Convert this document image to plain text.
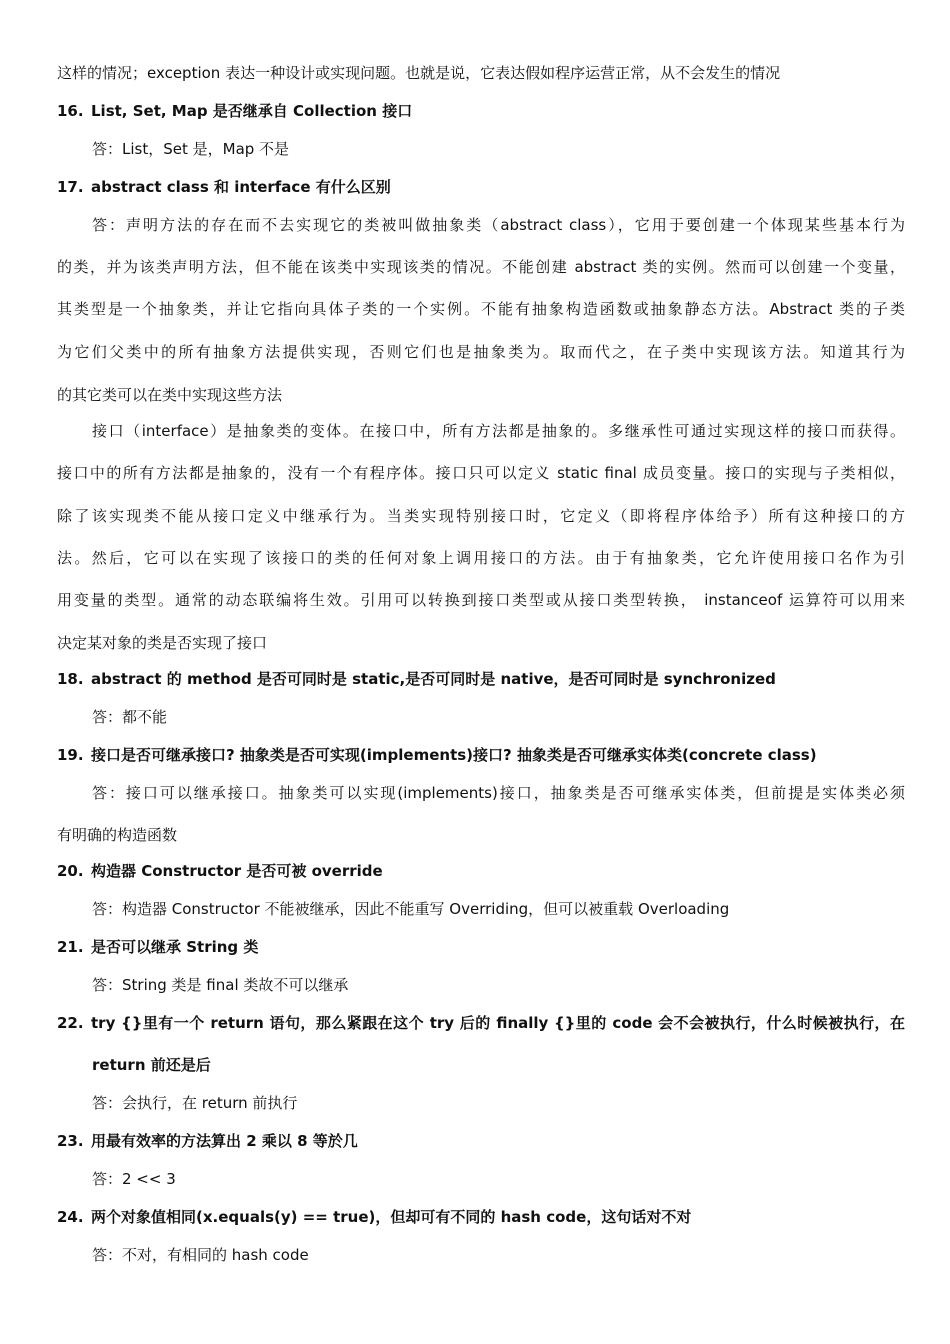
这样的情况；exception 表达一种设计或实现问题。也就是说，它表达假如程序运营正常，从不会发生的情况
16. List, Set, Map 是否继承自 Collection 接口
答：List，Set 是，Map 不是
17. abstract class 和 interface 有什么区别
答：声明方法的存在而不去实现它的类被叫做抽象类（abstract class），它用于要创建一个体现某些基本行为
的类，并为该类声明方法，但不能在该类中实现该类的情况。不能创建 abstract 类的实例。然而可以创建一个变量，
其类型是一个抽象类，并让它指向具体子类的一个实例。不能有抽象构造函数或抽象静态方法。Abstract 类的子类
为它们父类中的所有抽象方法提供实现，否则它们也是抽象类为。取而代之，在子类中实现该方法。知道其行为
的其它类可以在类中实现这些方法
接口（interface）是抽象类的变体。在接口中，所有方法都是抽象的。多继承性可通过实现这样的接口而获得。
接口中的所有方法都是抽象的，没有一个有程序体。接口只可以定义 static final 成员变量。接口的实现与子类相似，
除了该实现类不能从接口定义中继承行为。当类实现特别接口时，它定义（即将程序体给予）所有这种接口的方
法。然后，它可以在实现了该接口的类的任何对象上调用接口的方法。由于有抽象类，它允许使用接口名作为引
用变量的类型。通常的动态联编将生效。引用可以转换到接口类型或从接口类型转换， instanceof 运算符可以用来
决定某对象的类是否实现了接口
18. abstract 的 method 是否可同时是 static,是否可同时是 native，是否可同时是 synchronized
答：都不能
19. 接口是否可继承接口? 抽象类是否可实现(implements)接口? 抽象类是否可继承实体类(concrete class)
答：接口可以继承接口。抽象类可以实现(implements)接口，抽象类是否可继承实体类，但前提是实体类必须
有明确的构造函数
20. 构造器 Constructor 是否可被 override
答：构造器 Constructor 不能被继承，因此不能重写 Overriding，但可以被重载 Overloading
21. 是否可以继承 String 类
答：String 类是 final 类故不可以继承
22. try {}里有一个 return 语句，那么紧跟在这个 try 后的 finally {}里的 code 会不会被执行，什么时候被执行，在
return 前还是后
答：会执行，在 return 前执行
23. 用最有效率的方法算出 2 乘以 8 等於几
答：2 << 3
24. 两个对象值相同(x.equals(y) == true)，但却可有不同的 hash code，这句话对不对
答：不对，有相同的 hash code
